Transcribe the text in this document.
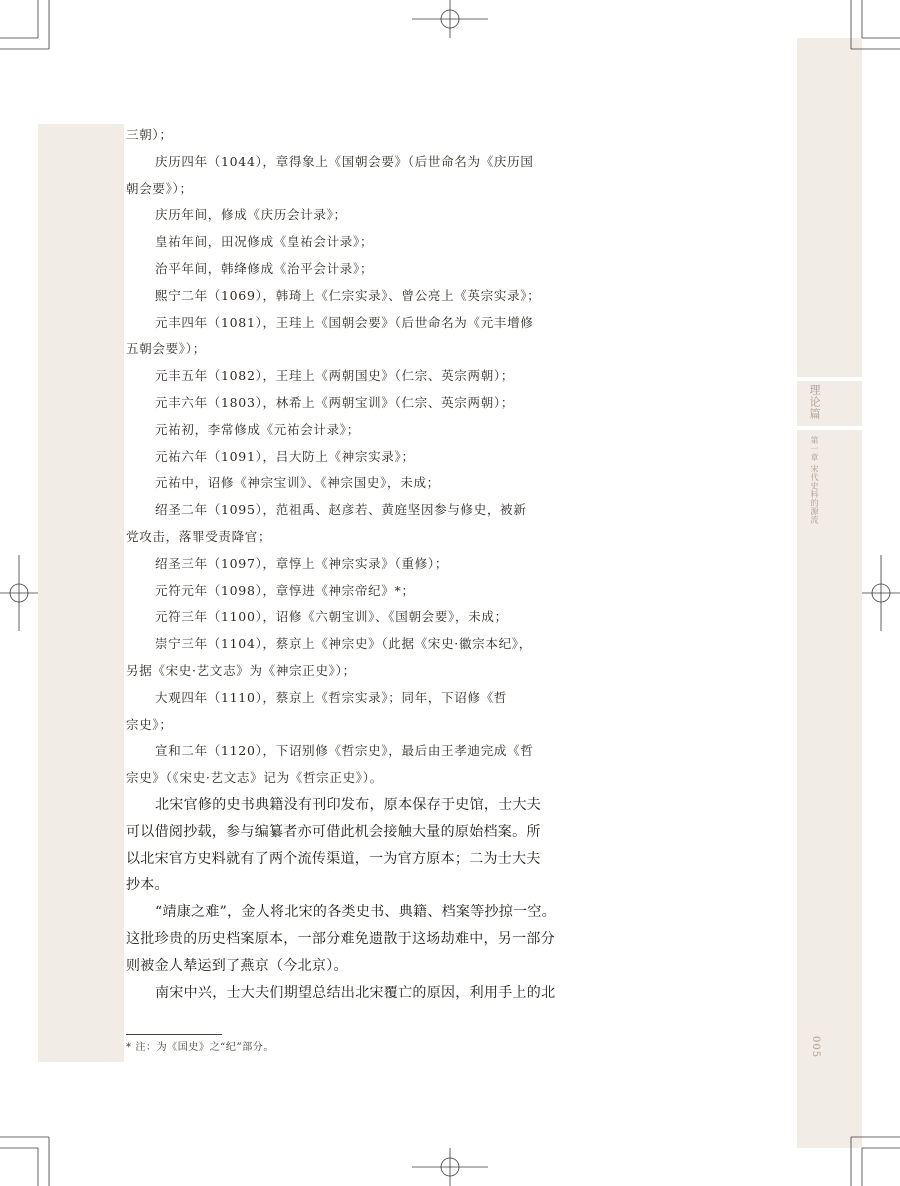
理论篇
第一章 宋代史料的源流
005

三朝）；

庆历四年（1044），章得象上《国朝会要》（后世命名为《庆历国

朝会要》）；

庆历年间，修成《庆历会计录》；

皇祐年间，田况修成《皇祐会计录》；

治平年间，韩绛修成《治平会计录》；

熙宁二年（1069），韩琦上《仁宗实录》、曾公亮上《英宗实录》；

元丰四年（1081），王珪上《国朝会要》（后世命名为《元丰增修

五朝会要》）；

元丰五年（1082），王珪上《两朝国史》（仁宗、英宗两朝）；

元丰六年（1803），林希上《两朝宝训》（仁宗、英宗两朝）；

元祐初，李常修成《元祐会计录》；

元祐六年（1091），吕大防上《神宗实录》；

元祐中，诏修《神宗宝训》、《神宗国史》，未成；

绍圣二年（1095），范祖禹、赵彦若、黄庭坚因参与修史，被新

党攻击，落罪受责降官；

绍圣三年（1097），章惇上《神宗实录》（重修）；

元符元年（1098），章惇进《神宗帝纪》*；

元符三年（1100），诏修《六朝宝训》、《国朝会要》，未成；

崇宁三年（1104），蔡京上《神宗史》（此据《宋史·徽宗本纪》，

另据《宋史·艺文志》为《神宗正史》）；

大观四年（1110），蔡京上《哲宗实录》；同年，下诏修《哲

宗史》；

宣和二年（1120），下诏别修《哲宗史》，最后由王孝迪完成《哲

宗史》（《宋史·艺文志》记为《哲宗正史》）。

北宋官修的史书典籍没有刊印发布，原本保存于史馆，士大夫

可以借阅抄载，参与编纂者亦可借此机会接触大量的原始档案。所

以北宋官方史料就有了两个流传渠道，一为官方原本；二为士大夫

抄本。

“靖康之难”，金人将北宋的各类史书、典籍、档案等抄掠一空。

这批珍贵的历史档案原本，一部分难免遗散于这场劫难中，另一部分

则被金人辇运到了燕京（今北京）。

南宋中兴，士大夫们期望总结出北宋覆亡的原因，利用手上的北

* 注：为《国史》之“纪”部分。
